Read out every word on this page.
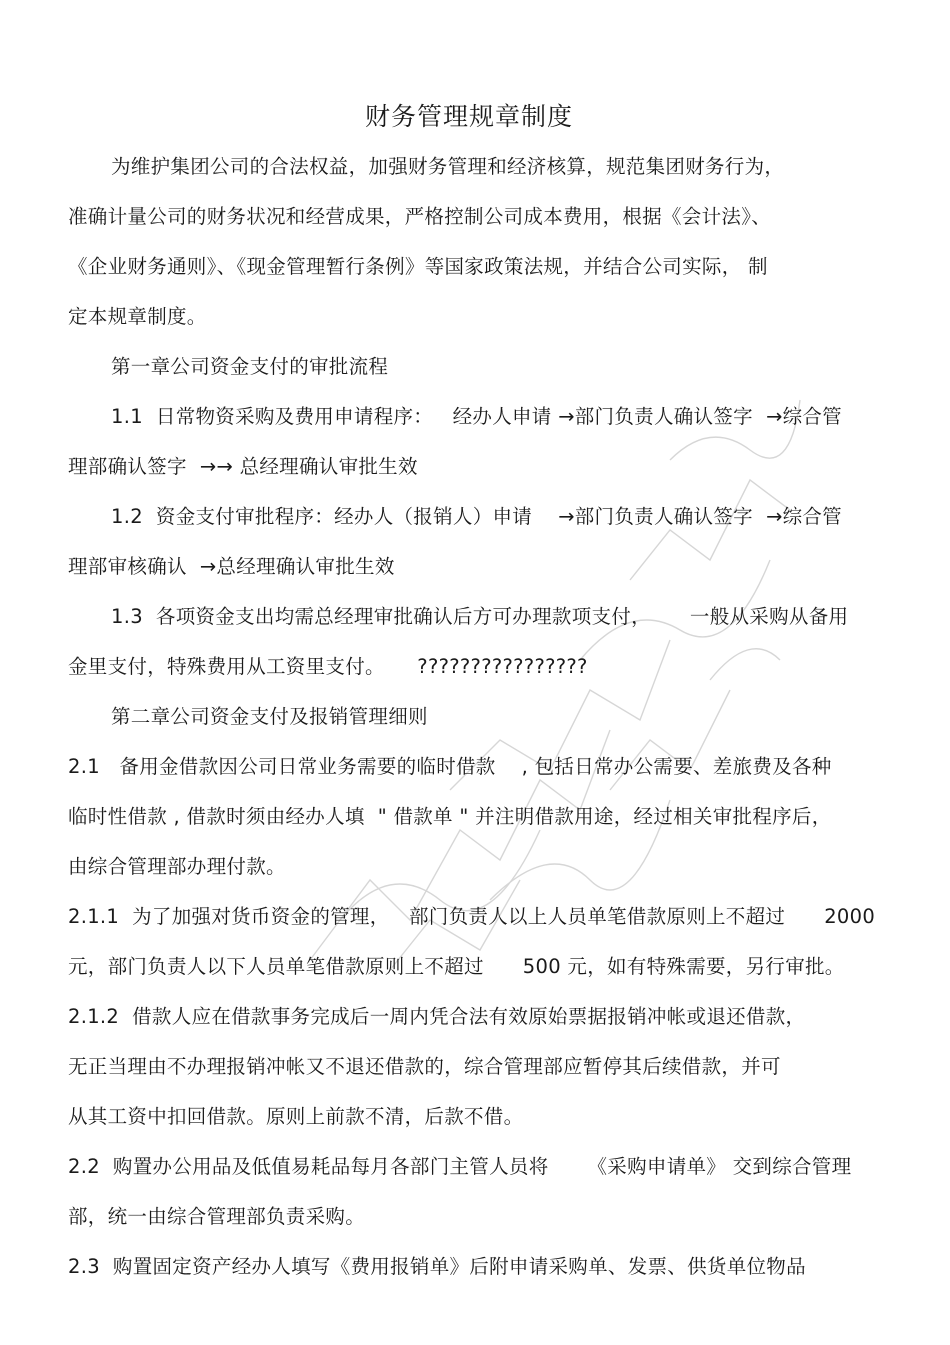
财务管理规章制度
为维护集团公司的合法权益，加强财务管理和经济核算，规范集团财务行为，
准确计量公司的财务状况和经营成果，严格控制公司成本费用，根据《会计法》、
《企业财务通则》、《现金管理暂行条例》等国家政策法规，并结合公司实际， 制
定本规章制度。
第一章公司资金支付的审批流程
1.1  日常物资采购及费用申请程序：   经办人申请 →部门负责人确认签字  →综合管
理部确认签字  →→ 总经理确认审批生效
1.2  资金支付审批程序：经办人（报销人）申请    →部门负责人确认签字  →综合管
理部审核确认  →总经理确认审批生效
1.3  各项资金支出均需总经理审批确认后方可办理款项支付，      一般从采购从备用
金里支付，特殊费用从工资里支付。     ????????????????
第二章公司资金支付及报销管理细则
2.1   备用金借款因公司日常业务需要的临时借款    , 包括日常办公需要、差旅费及各种
临时性借款 , 借款时须由经办人填  " 借款单 " 并注明借款用途，经过相关审批程序后，
由综合管理部办理付款。
2.1.1  为了加强对货币资金的管理，   部门负责人以上人员单笔借款原则上不超过      2000
元，部门负责人以下人员单笔借款原则上不超过      500 元，如有特殊需要，另行审批。
2.1.2  借款人应在借款事务完成后一周内凭合法有效原始票据报销冲帐或退还借款，
无正当理由不办理报销冲帐又不退还借款的，综合管理部应暂停其后续借款，并可
从其工资中扣回借款。原则上前款不清，后款不借。
2.2  购置办公用品及低值易耗品每月各部门主管人员将      《采购申请单》 交到综合管理
部，统一由综合管理部负责采购。
2.3  购置固定资产经办人填写《费用报销单》后附申请采购单、发票、供货单位物品
